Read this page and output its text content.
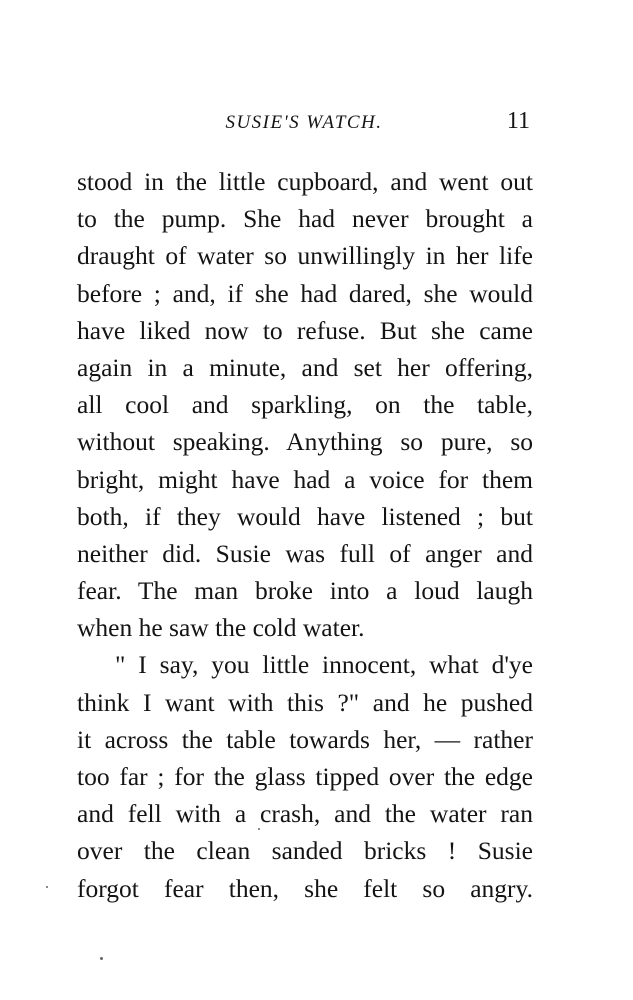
SUSIE'S WATCH.	11
stood in the little cupboard, and went out
to the pump. She had never brought a
draught of water so unwillingly in her life
before ; and, if she had dared, she would
have liked now to refuse. But she came
again in a minute, and set her offering,
all cool and sparkling, on the table,
without speaking. Anything so pure, so
bright, might have had a voice for them
both, if they would have listened ; but
neither did. Susie was full of anger and
fear. The man broke into a loud laugh
when he saw the cold water.
" I say, you little innocent, what d'ye
think I want with this ?" and he pushed
it across the table towards her, — rather
too far ; for the glass tipped over the edge
and fell with a crash, and the water ran
over the clean sanded bricks ! Susie
forgot fear then, she felt so angry.
